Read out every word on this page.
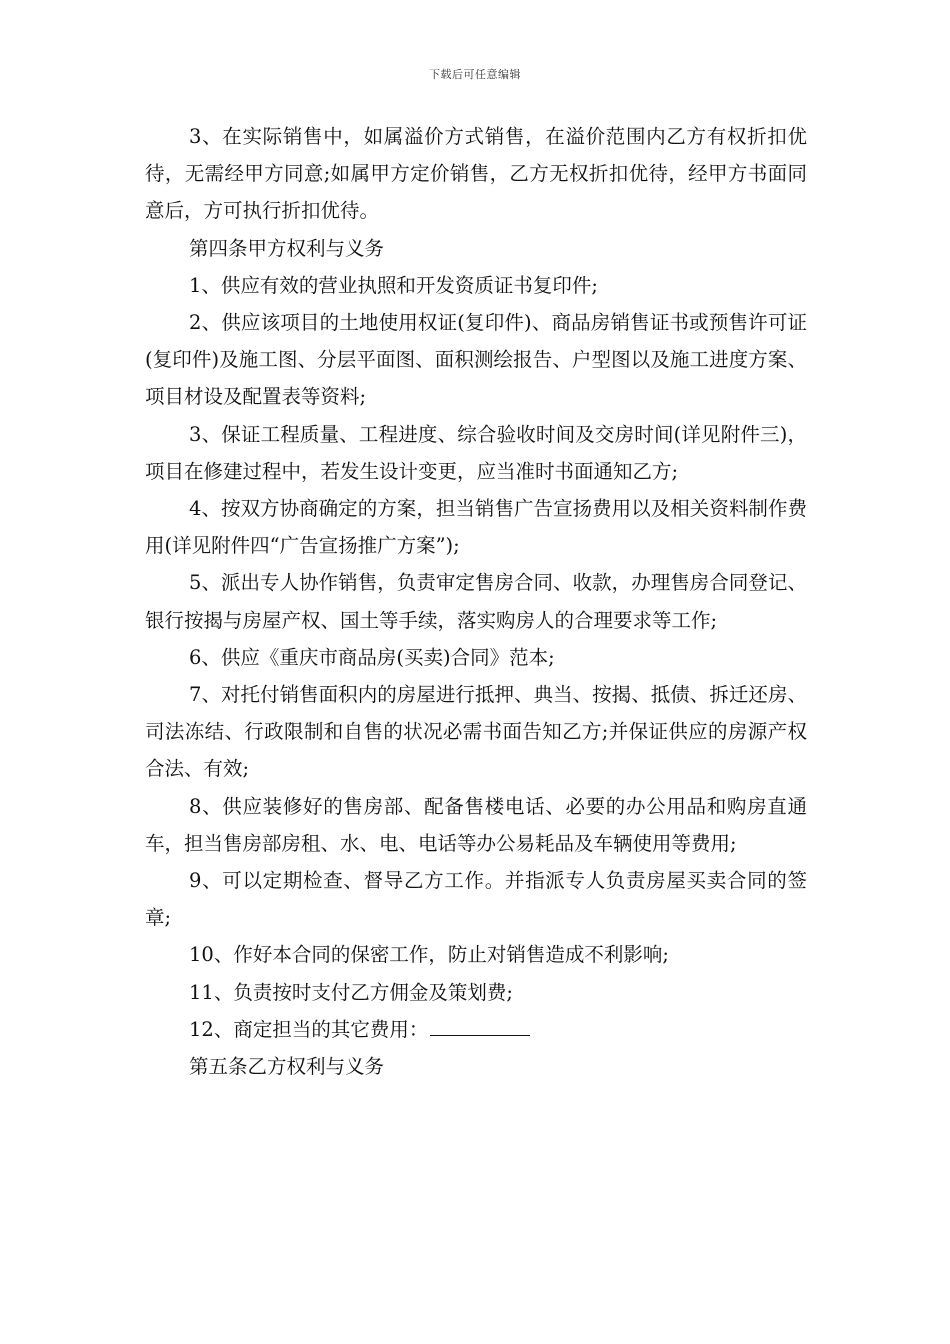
下载后可任意编辑

3、在实际销售中，如属溢价方式销售，在溢价范围内乙方有权折扣优待，无需经甲方同意;如属甲方定价销售，乙方无权折扣优待，经甲方书面同意后，方可执行折扣优待。

第四条甲方权利与义务

1、供应有效的营业执照和开发资质证书复印件;

2、供应该项目的土地使用权证(复印件)、商品房销售证书或预售许可证(复印件)及施工图、分层平面图、面积测绘报告、户型图以及施工进度方案、项目材设及配置表等资料;

3、保证工程质量、工程进度、综合验收时间及交房时间(详见附件三)，项目在修建过程中，若发生设计变更，应当准时书面通知乙方;

4、按双方协商确定的方案，担当销售广告宣扬费用以及相关资料制作费用(详见附件四“广告宣扬推广方案”);

5、派出专人协作销售，负责审定售房合同、收款，办理售房合同登记、银行按揭与房屋产权、国土等手续，落实购房人的合理要求等工作;

6、供应《重庆市商品房(买卖)合同》范本;

7、对托付销售面积内的房屋进行抵押、典当、按揭、抵债、拆迁还房、司法冻结、行政限制和自售的状况必需书面告知乙方;并保证供应的房源产权合法、有效;

8、供应装修好的售房部、配备售楼电话、必要的办公用品和购房直通车，担当售房部房租、水、电、电话等办公易耗品及车辆使用等费用;

9、可以定期检查、督导乙方工作。并指派专人负责房屋买卖合同的签章;

10、作好本合同的保密工作，防止对销售造成不利影响;

11、负责按时支付乙方佣金及策划费;

12、商定担当的其它费用：

第五条乙方权利与义务
